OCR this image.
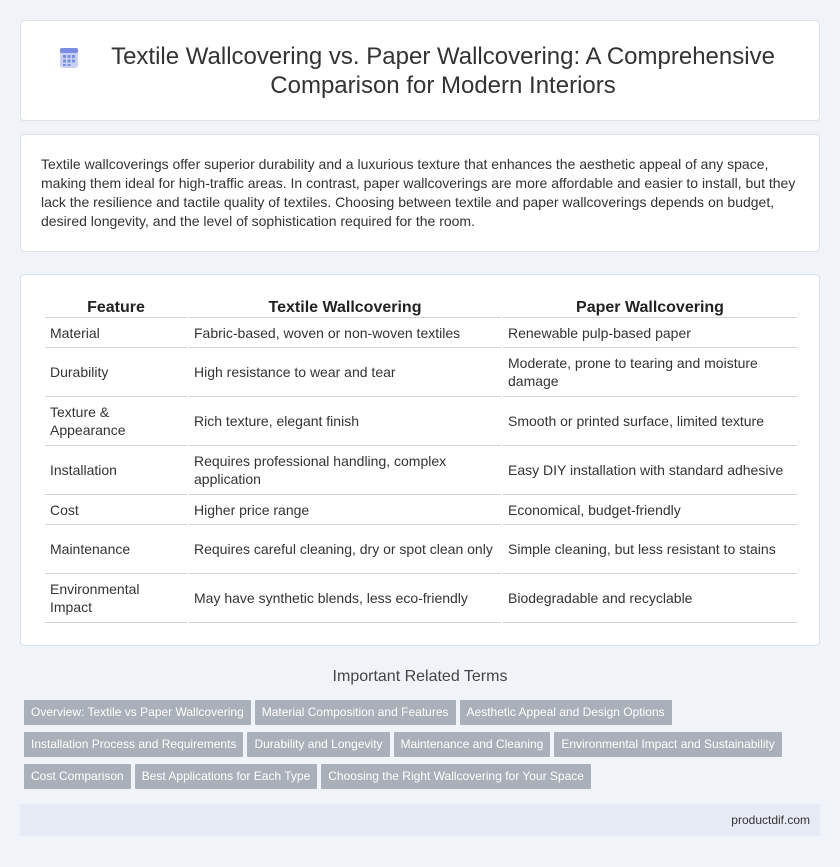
Textile Wallcovering vs. Paper Wallcovering: A Comprehensive Comparison for Modern Interiors

Textile wallcoverings offer superior durability and a luxurious texture that enhances the aesthetic appeal of any space, making them ideal for high-traffic areas. In contrast, paper wallcoverings are more affordable and easier to install, but they lack the resilience and tactile quality of textiles. Choosing between textile and paper wallcoverings depends on budget, desired longevity, and the level of sophistication required for the room.

Feature	Textile Wallcovering	Paper Wallcovering
Material	Fabric-based, woven or non-woven textiles	Renewable pulp-based paper
Durability	High resistance to wear and tear	Moderate, prone to tearing and moisture damage
Texture & Appearance	Rich texture, elegant finish	Smooth or printed surface, limited texture
Installation	Requires professional handling, complex application	Easy DIY installation with standard adhesive
Cost	Higher price range	Economical, budget-friendly
Maintenance	Requires careful cleaning, dry or spot clean only	Simple cleaning, but less resistant to stains
Environmental Impact	May have synthetic blends, less eco-friendly	Biodegradable and recyclable
Important Related Terms
Overview: Textile vs Paper Wallcovering Material Composition and Features Aesthetic Appeal and Design Options
Installation Process and Requirements Durability and Longevity Maintenance and Cleaning Environmental Impact and Sustainability
Cost Comparison Best Applications for Each Type Choosing the Right Wallcovering for Your Space
productdif.com
